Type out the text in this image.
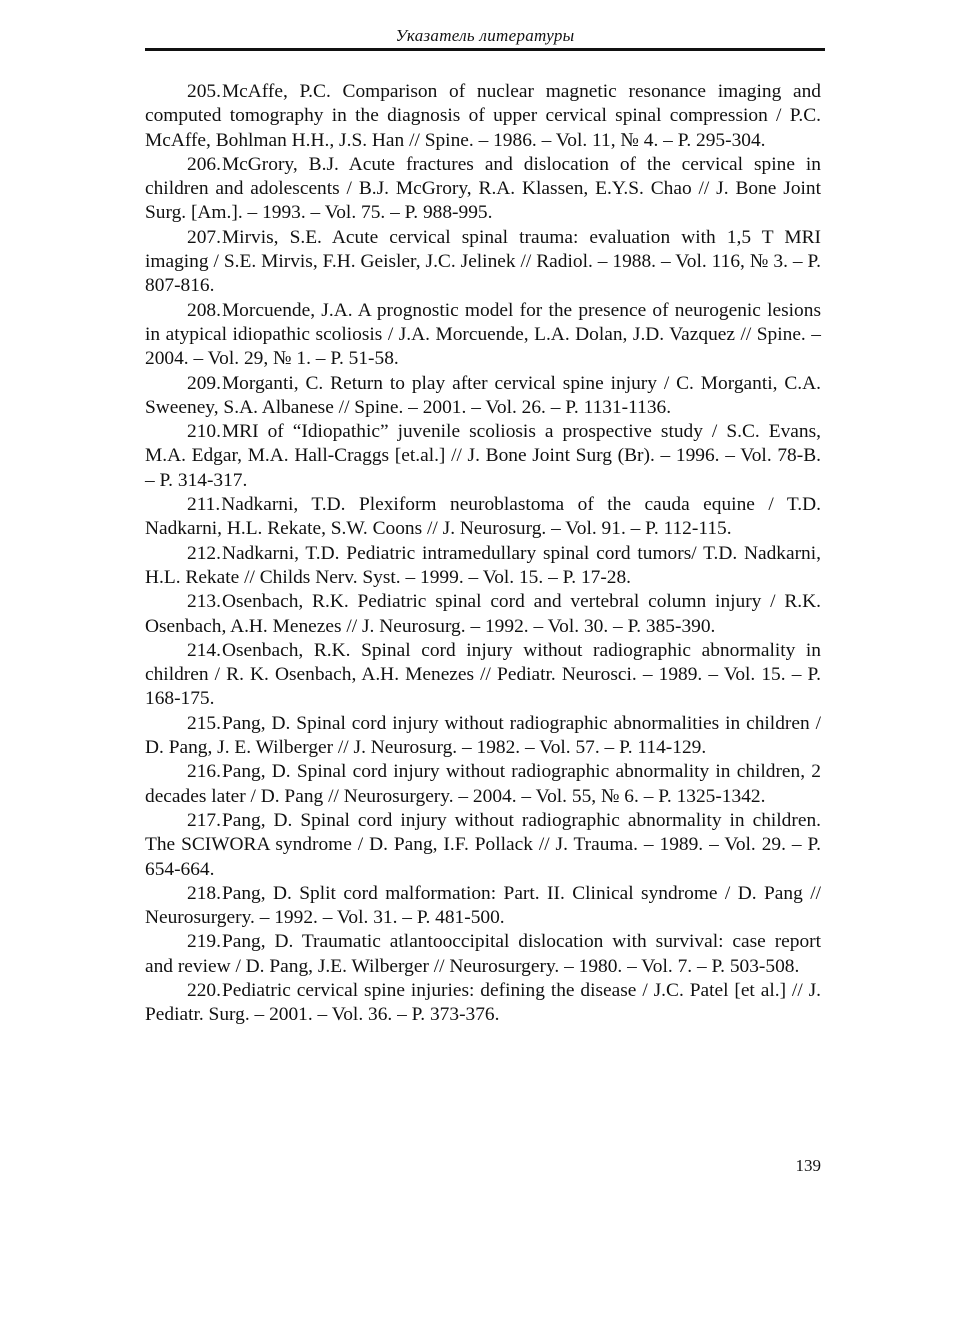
Указатель литературы
205.McAffe, P.C. Comparison of nuclear magnetic resonance imaging and computed tomography in the diagnosis of upper cervical spinal compression / P.C. McAffe, Bohlman H.H., J.S. Han // Spine. – 1986. – Vol. 11, № 4. – P. 295-304.
206.McGrory, B.J. Acute fractures and dislocation of the cervical spine in children and adolescents / B.J. McGrory, R.A. Klassen, E.Y.S. Chao // J. Bone Joint Surg. [Am.]. – 1993. – Vol. 75. – P. 988-995.
207.Mirvis, S.E. Acute cervical spinal trauma: evaluation with 1,5 T MRI imaging / S.E. Mirvis, F.H. Geisler, J.C. Jelinek // Radiol. – 1988. – Vol. 116, № 3. – P. 807-816.
208.Morcuende, J.A. A prognostic model for the presence of neurogenic lesions in atypical idiopathic scoliosis / J.A. Morcuende, L.A. Dolan, J.D. Vazquez // Spine. – 2004. – Vol. 29, № 1. – P. 51-58.
209.Morganti, C. Return to play after cervical spine injury / C. Morganti, C.A. Sweeney, S.A. Albanese // Spine. – 2001. – Vol. 26. – P. 1131-1136.
210.MRI of “Idiopathic” juvenile scoliosis a prospective study / S.C. Evans, M.A. Edgar, M.A. Hall-Craggs [et.al.] // J. Bone Joint Surg (Br). – 1996. – Vol. 78-B. – P. 314-317.
211.Nadkarni, T.D. Plexiform neuroblastoma of the cauda equine / T.D. Nadkarni, H.L. Rekate, S.W. Coons // J. Neurosurg. – Vol. 91. – P. 112-115.
212.Nadkarni, T.D. Pediatric intramedullary spinal cord tumors/ T.D. Nadkarni, H.L. Rekate // Childs Nerv. Syst. – 1999. – Vol. 15. – P. 17-28.
213.Osenbach, R.K. Pediatric spinal cord and vertebral column injury / R.K. Osenbach, A.H. Menezes // J. Neurosurg. – 1992. – Vol. 30. – P. 385-390.
214.Osenbach, R.K. Spinal cord injury without radiographic abnormality in children / R. K. Osenbach, A.H. Menezes // Pediatr. Neurosci. – 1989. – Vol. 15. – P. 168-175.
215.Pang, D. Spinal cord injury without radiographic abnormalities in children / D. Pang, J. E. Wilberger // J. Neurosurg. – 1982. – Vol. 57. – P. 114-129.
216.Pang, D. Spinal cord injury without radiographic abnormality in children, 2 decades later / D. Pang // Neurosurgery. – 2004. – Vol. 55, № 6. – P. 1325-1342.
217.Pang, D. Spinal cord injury without radiographic abnormality in children. The SCIWORA syndrome / D. Pang, I.F. Pollack // J. Trauma. – 1989. – Vol. 29. – P. 654-664.
218.Pang, D. Split cord malformation: Part. II. Clinical syndrome / D. Pang // Neurosurgery. – 1992. – Vol. 31. – P. 481-500.
219.Pang, D. Traumatic atlantooccipital dislocation with survival: case report and review / D. Pang, J.E. Wilberger // Neurosurgery. – 1980. – Vol. 7. – P. 503-508.
220.Pediatric cervical spine injuries: defining the disease / J.C. Patel [et al.] // J. Pediatr. Surg. – 2001. – Vol. 36. – P. 373-376.
139
